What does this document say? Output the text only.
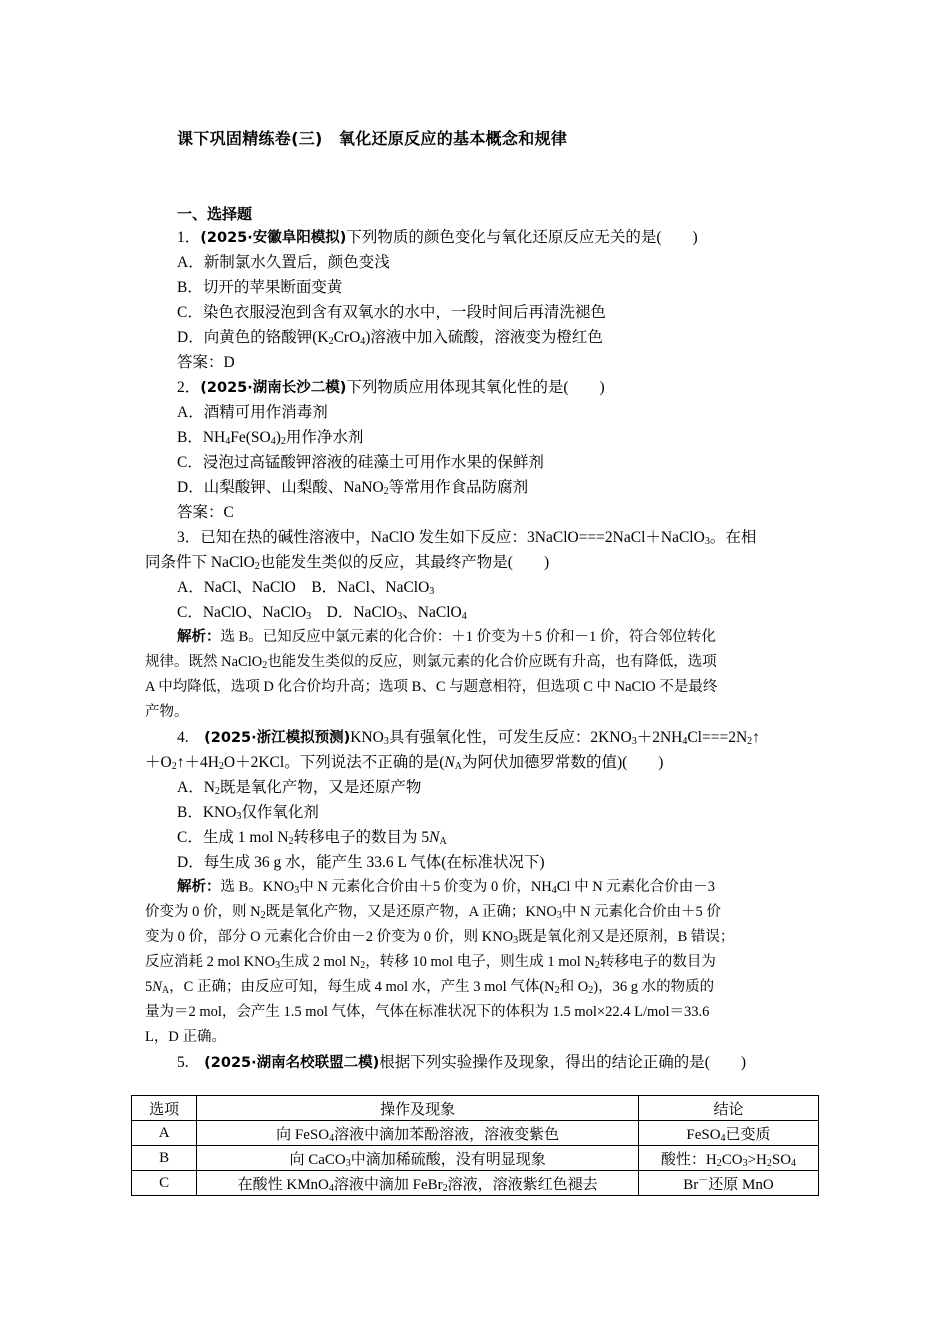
课下巩固精练卷(三)　氧化还原反应的基本概念和规律
一、选择题
1．(2025·安徽阜阳模拟)下列物质的颜色变化与氧化还原反应无关的是(　　)
A．新制氯水久置后，颜色变浅
B．切开的苹果断面变黄
C．染色衣服浸泡到含有双氧水的水中，一段时间后再清洗褪色
D．向黄色的铬酸钾$(K_2CrO_4)$溶液中加入硫酸，溶液变为橙红色
答案：D
2．(2025·湖南长沙二模)下列物质应用体现其氧化性的是(　　)
A．酒精可用作消毒剂
B．$NH_4Fe(SO_4)_2$用作净水剂
C．浸泡过高锰酸钾溶液的硅藻土可用作水果的保鲜剂
D．山梨酸钾、山梨酸、NaNO$_2$等常用作食品防腐剂
答案：C
3．已知在热的碱性溶液中，NaClO 发生如下反应：3NaClO===2NaCl＋NaClO$_3$。在相
同条件下 NaClO$_2$也能发生类似的反应，其最终产物是(　　)
A．NaCl、NaClO　B．NaCl、NaClO$_3$
C．NaClO、NaClO$_3$　D．NaClO$_3$、NaClO$_4$
解析：选 B。已知反应中氯元素的化合价：＋1 价变为＋5 价和－1 价，符合邻位转化
规律。既然 NaClO$_2$也能发生类似的反应，则氯元素的化合价应既有升高，也有降低，选项
A 中均降低，选项 D 化合价均升高；选项 B、C 与题意相符，但选项 C 中 NaClO 不是最终
产物。
4.　(2025·浙江模拟预测)$KNO_3$具有强氧化性，可发生反应：$2KNO_3+2NH_4Cl===2N_2↑$
$+O_2↑+4H_2O+2KCl$。下列说法不正确的是($N_A$为阿伏加德罗常数的值)(　　)
A．$N_2$既是氧化产物，又是还原产物
B．$KNO_3$仅作氧化剂
C．生成 1 mol $N_2$转移电子的数目为 $5N_A$
D．每生成 36 g 水，能产生 33.6 L 气体(在标准状况下)
解析：选 B。$KNO_3$中 N 元素化合价由＋5 价变为 0 价，$NH_4Cl$ 中 N 元素化合价由－3
价变为 0 价，则 $N_2$既是氧化产物，又是还原产物，A 正确；$KNO_3$中 N 元素化合价由＋5 价
变为 0 价，部分 O 元素化合价由－2 价变为 0 价，则 $KNO_3$既是氧化剂又是还原剂，B 错误；
反应消耗 2 mol $KNO_3$生成 2 mol $N_2$，转移 10 mol 电子，则生成 1 mol $N_2$转移电子的数目为
$5N_A$，C 正确；由反应可知，每生成 4 mol 水，产生 3 mol 气体($N_2$和 $O_2$)，36 g 水的物质的
量为＝2 mol，会产生 1.5 mol 气体，气体在标准状况下的体积为 1.5 mol×22.4 L/mol＝33.6
L，D 正确。
5.　(2025·湖南名校联盟二模)根据下列实验操作及现象，得出的结论正确的是(　　)
选项	操作及现象	结论
A	向 FeSO$_4$溶液中滴加苯酚溶液，溶液变紫色	FeSO$_4$已变质
B	向 CaCO$_3$中滴加稀硫酸，没有明显现象	酸性：$H_2CO_3>H_2SO_4$
C	在酸性 KMnO$_4$溶液中滴加 FeBr$_2$溶液，溶液紫红色褪去	Br－还原 MnO
